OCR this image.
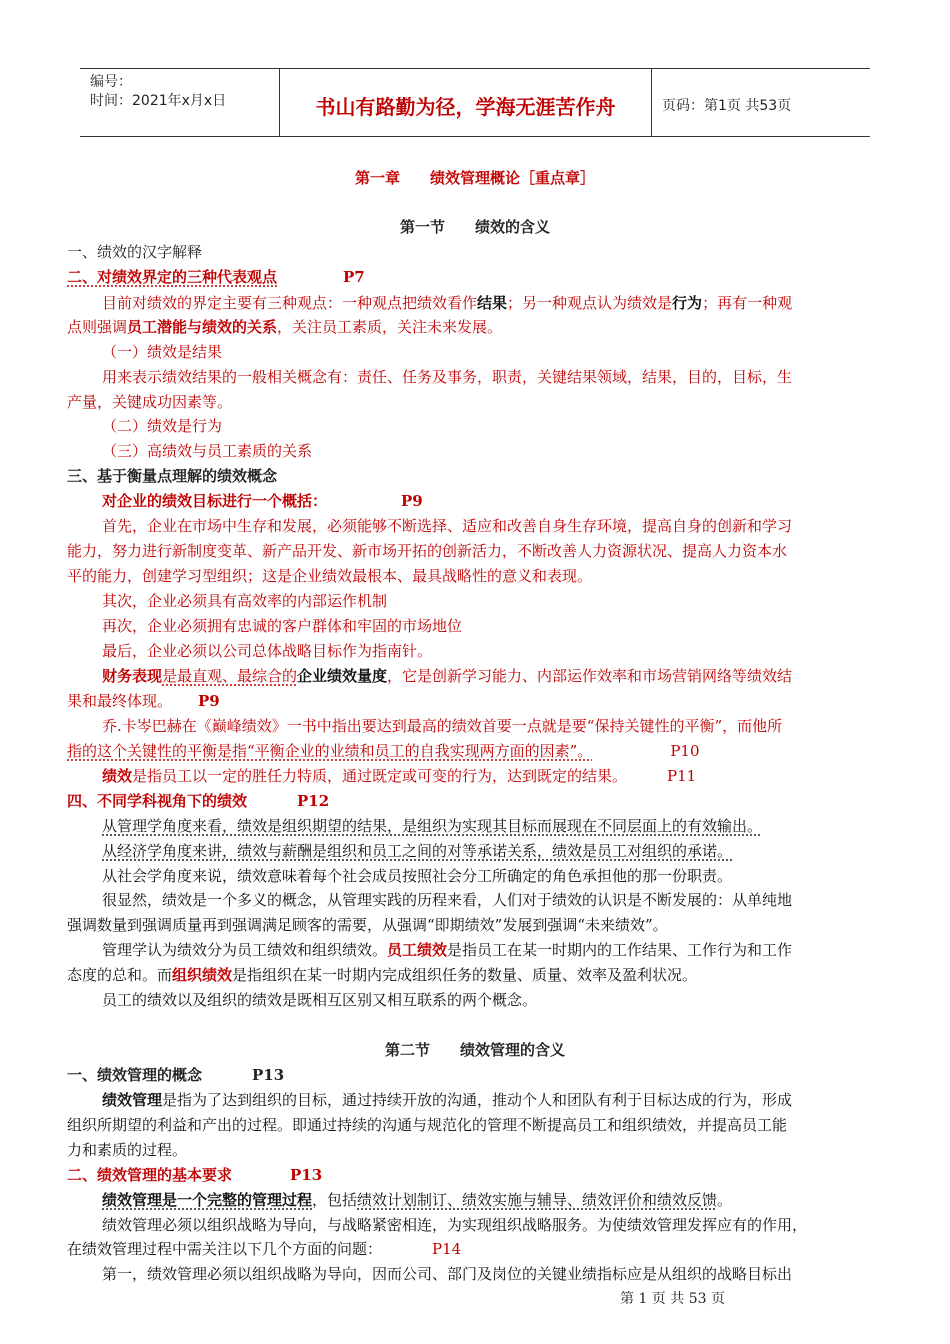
编号：
时间：2021年x月x日	书山有路勤为径，学海无涯苦作舟	页码：第1页 共53页
第一章　　绩效管理概论［重点章］
第一节　　绩效的含义
一、绩效的汉字解释
二、对绩效界定的三种代表观点	P7
目前对绩效的界定主要有三种观点：一种观点把绩效看作结果；另一种观点认为绩效是行为；再有一种观
点则强调员工潜能与绩效的关系，关注员工素质，关注未来发展。
（一）绩效是结果
用来表示绩效结果的一般相关概念有：责任、任务及事务，职责，关键结果领域，结果，目的，目标，生
产量，关键成功因素等。
（二）绩效是行为
（三）高绩效与员工素质的关系
三、基于衡量点理解的绩效概念
对企业的绩效目标进行一个概括：	P9
首先，企业在市场中生存和发展，必须能够不断选择、适应和改善自身生存环境，提高自身的创新和学习
能力，努力进行新制度变革、新产品开发、新市场开拓的创新活力，不断改善人力资源状况、提高人力资本水
平的能力，创建学习型组织；这是企业绩效最根本、最具战略性的意义和表现。
其次，企业必须具有高效率的内部运作机制
再次，企业必须拥有忠诚的客户群体和牢固的市场地位
最后，企业必须以公司总体战略目标作为指南针。
财务表现是最直观、最综合的企业绩效量度，它是创新学习能力、内部运作效率和市场营销网络等绩效结
果和最终体现。 P9
乔.卡岑巴赫在《巅峰绩效》一书中指出要达到最高的绩效首要一点就是要“保持关键性的平衡”，而他所
指的这个关键性的平衡是指“平衡企业的业绩和员工的自我实现两方面的因素”。	P10
绩效是指员工以一定的胜任力特质，通过既定或可变的行为，达到既定的结果。	P11
四、不同学科视角下的绩效	P12
从管理学角度来看，绩效是组织期望的结果，是组织为实现其目标而展现在不同层面上的有效输出。
从经济学角度来讲，绩效与薪酬是组织和员工之间的对等承诺关系，绩效是员工对组织的承诺。
从社会学角度来说，绩效意味着每个社会成员按照社会分工所确定的角色承担他的那一份职责。
很显然，绩效是一个多义的概念，从管理实践的历程来看，人们对于绩效的认识是不断发展的：从单纯地
强调数量到强调质量再到强调满足顾客的需要，从强调“即期绩效”发展到强调“未来绩效”。
管理学认为绩效分为员工绩效和组织绩效。员工绩效是指员工在某一时期内的工作结果、工作行为和工作
态度的总和。而组织绩效是指组织在某一时期内完成组织任务的数量、质量、效率及盈利状况。
员工的绩效以及组织的绩效是既相互区别又相互联系的两个概念。
第二节　　绩效管理的含义
一、绩效管理的概念	P13
绩效管理是指为了达到组织的目标，通过持续开放的沟通，推动个人和团队有利于目标达成的行为，形成
组织所期望的利益和产出的过程。即通过持续的沟通与规范化的管理不断提高员工和组织绩效，并提高员工能
力和素质的过程。
二、绩效管理的基本要求	P13
绩效管理是一个完整的管理过程，包括绩效计划制订、绩效实施与辅导、绩效评价和绩效反馈。
绩效管理必须以组织战略为导向，与战略紧密相连，为实现组织战略服务。为使绩效管理发挥应有的作用，
在绩效管理过程中需关注以下几个方面的问题：	P14
第一，绩效管理必须以组织战略为导向，因而公司、部门及岗位的关键业绩指标应是从组织的战略目标出
第 1 页 共 53 页
